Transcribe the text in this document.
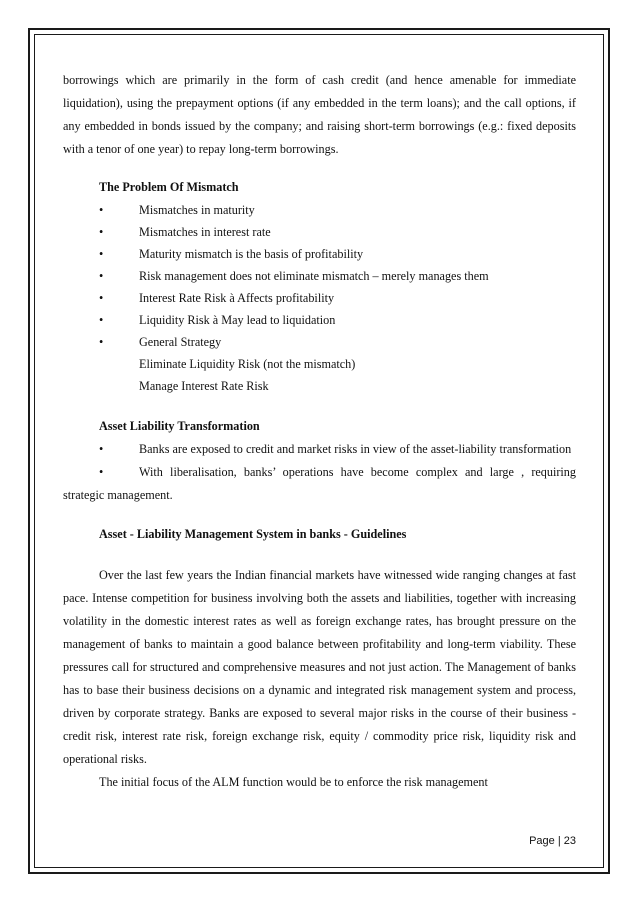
borrowings which are primarily in the form of cash credit (and hence amenable for immediate liquidation), using the prepayment options (if any embedded in the term loans); and the call options, if any embedded in bonds issued by the company; and raising short-term borrowings (e.g.: fixed deposits with a tenor of one year) to repay long-term borrowings.

The Problem Of Mismatch

•	Mismatches in maturity
•	Mismatches in interest rate
•	Maturity mismatch is the basis of profitability
•	Risk management does not eliminate mismatch – merely manages them
•	Interest Rate Risk à Affects profitability
•	Liquidity Risk à May lead to liquidation
•	General Strategy
Eliminate Liquidity Risk (not the mismatch)
Manage Interest Rate Risk

Asset Liability Transformation

•	Banks are exposed to credit and market risks in view of the asset-liability transformation

•	With liberalisation, banks’ operations have become complex and large , requiring strategic management.

Asset - Liability Management System in banks - Guidelines

Over the last few years the Indian financial markets have witnessed wide ranging changes at fast pace. Intense competition for business involving both the assets and liabilities, together with increasing volatility in the domestic interest rates as well as foreign exchange rates, has brought pressure on the management of banks to maintain a good balance between profitability and long-term viability. These pressures call for structured and comprehensive measures and not just action. The Management of banks has to base their business decisions on a dynamic and integrated risk management system and process, driven by corporate strategy. Banks are exposed to several major risks in the course of their business - credit risk, interest rate risk, foreign exchange risk, equity / commodity price risk, liquidity risk and operational risks.

The initial focus of the ALM function would be to enforce the risk management

Page | 23
